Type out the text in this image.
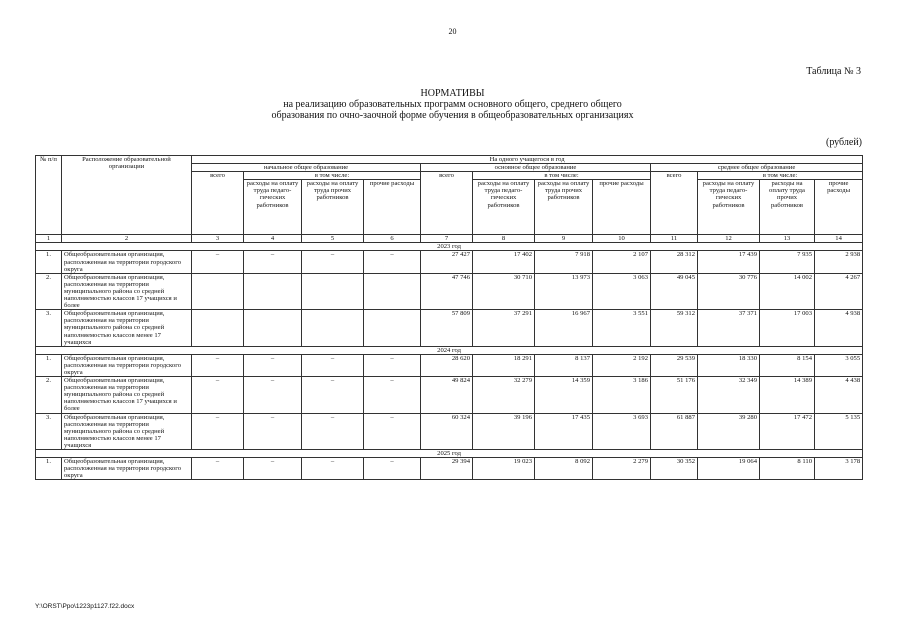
20
Таблица № 3
НОРМАТИВЫ
на реализацию образовательных программ основного общего, среднего общего
образования по очно-заочной форме обучения в общеобразовательных организациях
(рублей)
№ п/п	Расположение образовательной организации	На одного учащегося в год											
		начальное общее образование				основное общее образование				среднее общее образование			
		всего	в том числе:			всего	в том числе:			всего	в том числе:		
			расходы на оплату труда педаго-гических работников	расходы на оплату труда прочих работников	прочие расходы		расходы на оплату труда педаго-гических работников	расходы на оплату труда прочих работников	прочие расходы		расходы на оплату труда педаго-гических работников	расходы на оплату труда прочих работников	прочие расходы
1	2	3	4	5	6	7	8	9	10	11	12	13	14
2023 год													
1.	Общеобразовательная организация, расположенная на территории городского округа	–	–	–	–	27 427	17 402	7 918	2 107	28 312	17 439	7 935	2 938
2.	Общеобразовательная организация, расположенная на территории муниципального района со средней наполняемостью классов 17 учащихся и более					47 746	30 710	13 973	3 063	49 045	30 776	14 002	4 267
3.	Общеобразовательная организация, расположенная на территории муниципального района со средней наполняемостью классов менее 17 учащихся					57 809	37 291	16 967	3 551	59 312	37 371	17 003	4 938
2024 год													
1.	Общеобразовательная организация, расположенная на территории городского округа	–	–	–	–	28 620	18 291	8 137	2 192	29 539	18 330	8 154	3 055
2.	Общеобразовательная организация, расположенная на территории муниципального района со средней наполняемостью классов 17 учащихся и более	–	–	–	–	49 824	32 279	14 359	3 186	51 176	32 349	14 389	4 438
3.	Общеобразовательная организация, расположенная на территории муниципального района со средней наполняемостью классов менее 17 учащихся	–	–	–	–	60 324	39 196	17 435	3 693	61 887	39 280	17 472	5 135
2025 год													
1.	Общеобразовательная организация, расположенная на территории городского округа	–	–	–	–	29 394	19 023	8 092	2 279	30 352	19 064	8 110	3 178
Y:\ORST\Ppo\1223p1127.f22.docx
